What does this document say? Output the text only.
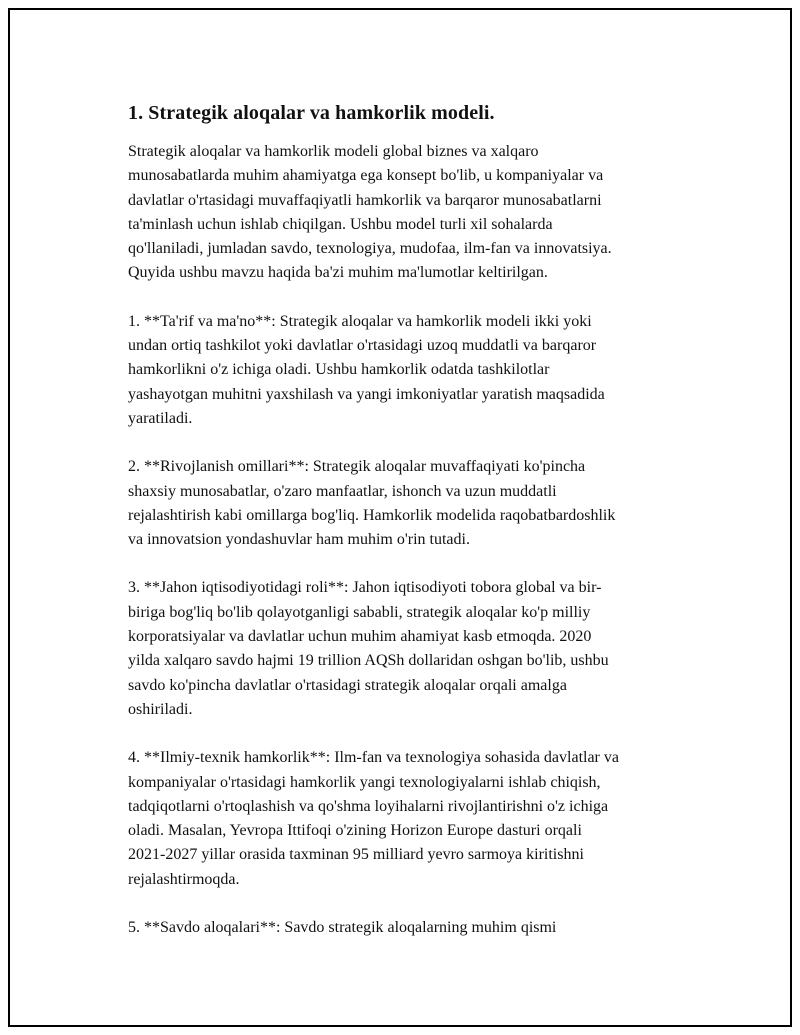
1. Strategik aloqalar va hamkorlik modeli.

Strategik aloqalar va hamkorlik modeli global biznes va xalqaro
munosabatlarda muhim ahamiyatga ega konsept bo'lib, u kompaniyalar va
davlatlar o'rtasidagi muvaffaqiyatli hamkorlik va barqaror munosabatlarni
ta'minlash uchun ishlab chiqilgan. Ushbu model turli xil sohalarda
qo'llaniladi, jumladan savdo, texnologiya, mudofaa, ilm-fan va innovatsiya.
Quyida ushbu mavzu haqida ba'zi muhim ma'lumotlar keltirilgan.

1. **Ta'rif va ma'no**: Strategik aloqalar va hamkorlik modeli ikki yoki
undan ortiq tashkilot yoki davlatlar o'rtasidagi uzoq muddatli va barqaror
hamkorlikni o'z ichiga oladi. Ushbu hamkorlik odatda tashkilotlar
yashayotgan muhitni yaxshilash va yangi imkoniyatlar yaratish maqsadida
yaratiladi.

2. **Rivojlanish omillari**: Strategik aloqalar muvaffaqiyati ko'pincha
shaxsiy munosabatlar, o'zaro manfaatlar, ishonch va uzun muddatli
rejalashtirish kabi omillarga bog'liq. Hamkorlik modelida raqobatbardoshlik
va innovatsion yondashuvlar ham muhim o'rin tutadi.

3. **Jahon iqtisodiyotidagi roli**: Jahon iqtisodiyoti tobora global va bir-
biriga bog'liq bo'lib qolayotganligi sababli, strategik aloqalar ko'p milliy
korporatsiyalar va davlatlar uchun muhim ahamiyat kasb etmoqda. 2020
yilda xalqaro savdo hajmi 19 trillion AQSh dollaridan oshgan bo'lib, ushbu
savdo ko'pincha davlatlar o'rtasidagi strategik aloqalar orqali amalga
oshiriladi.

4. **Ilmiy-texnik hamkorlik**: Ilm-fan va texnologiya sohasida davlatlar va
kompaniyalar o'rtasidagi hamkorlik yangi texnologiyalarni ishlab chiqish,
tadqiqotlarni o'rtoqlashish va qo'shma loyihalarni rivojlantirishni o'z ichiga
oladi. Masalan, Yevropa Ittifoqi o'zining Horizon Europe dasturi orqali
2021-2027 yillar orasida taxminan 95 milliard yevro sarmoya kiritishni
rejalashtirmoqda.

5. **Savdo aloqalari**: Savdo strategik aloqalarning muhim qismi
